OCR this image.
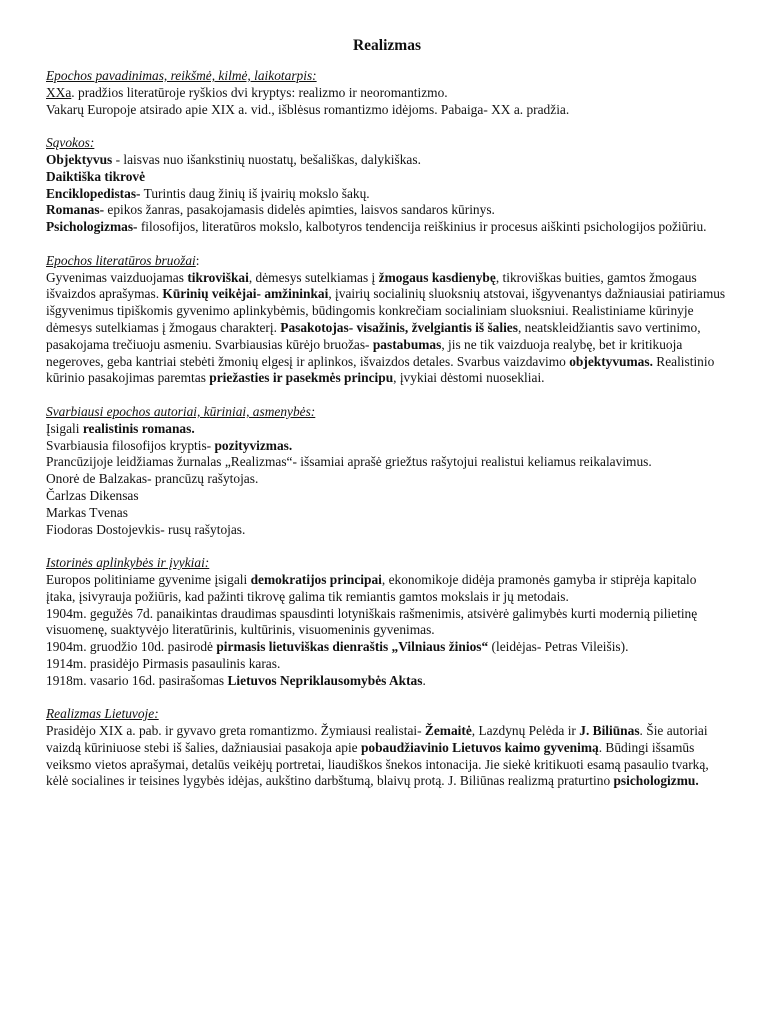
Realizmas

Epochos pavadinimas, reikšmė, kilmė, laikotarpis:

XXa. pradžios literatūroje ryškios dvi kryptys: realizmo ir neoromantizmo.

Vakarų Europoje atsirado apie XIX a. vid., išblėsus romantizmo idėjoms. Pabaiga- XX a. pradžia.

Sąvokos:

Objektyvus - laisvas nuo išankstinių nuostatų, bešališkas, dalykiškas.

Daiktiška tikrovė

Enciklopedistas- Turintis daug žinių iš įvairių mokslo šakų.

Romanas- epikos žanras, pasakojamasis didelės apimties, laisvos sandaros kūrinys.

Psichologizmas- filosofijos, literatūros mokslo, kalbotyros tendencija reiškinius ir procesus aiškinti psichologijos požiūriu.

Epochos literatūros bruožai:

Gyvenimas vaizduojamas tikroviškai, dėmesys sutelkiamas į žmogaus kasdienybę, tikroviškas buities, gamtos žmogaus išvaizdos aprašymas. Kūrinių veikėjai- amžininkai, įvairių socialinių sluoksnių atstovai, išgyvenantys dažniausiai patiriamus išgyvenimus tipiškomis gyvenimo aplinkybėmis, būdingomis konkrečiam socialiniam sluoksniui. Realistiniame kūrinyje dėmesys sutelkiamas į žmogaus charakterį. Pasakotojas- visažinis, žvelgiantis iš šalies, neatskleidžiantis savo vertinimo, pasakojama trečiuoju asmeniu. Svarbiausias kūrėjo bruožas- pastabumas, jis ne tik vaizduoja realybę, bet ir kritikuoja negeroves, geba kantriai stebėti žmonių elgesį ir aplinkos, išvaizdos detales. Svarbus vaizdavimo objektyvumas. Realistinio kūrinio pasakojimas paremtas priežasties ir pasekmės principu, įvykiai dėstomi nuosekliai.

Svarbiausi epochos autoriai, kūriniai, asmenybės:

Įsigali realistinis romanas.

Svarbiausia filosofijos kryptis- pozityvizmas.

Prancūzijoje leidžiamas žurnalas „Realizmas“- išsamiai aprašė griežtus rašytojui realistui keliamus reikalavimus.

Onorė de Balzakas- prancūzų rašytojas.

Čarlzas Dikensas

Markas Tvenas

Fiodoras Dostojevkis- rusų rašytojas.

Istorinės aplinkybės ir įvykiai:

Europos politiniame gyvenime įsigali demokratijos principai, ekonomikoje didėja pramonės gamyba ir stiprėja kapitalo įtaka, įsivyrauja požiūris, kad pažinti tikrovę galima tik remiantis gamtos mokslais ir jų metodais.

1904m. gegužės 7d. panaikintas draudimas spausdinti lotyniškais rašmenimis, atsivėrė galimybės kurti modernią pilietinę visuomenę, suaktyvėjo literatūrinis, kultūrinis, visuomeninis gyvenimas.

1904m. gruodžio 10d. pasirodė pirmasis lietuviškas dienraštis „Vilniaus žinios“ (leidėjas- Petras Vileišis).

1914m. prasidėjo Pirmasis pasaulinis karas.

1918m. vasario 16d. pasirašomas Lietuvos Nepriklausomybės Aktas.

Realizmas Lietuvoje:

Prasidėjo XIX a. pab. ir gyvavo greta romantizmo. Žymiausi realistai- Žemaitė, Lazdynų Pelėda ir J. Biliūnas. Šie autoriai vaizdą kūriniuose stebi iš šalies, dažniausiai pasakoja apie pobaudžiavinio Lietuvos kaimo gyvenimą. Būdingi išsamūs veiksmo vietos aprašymai, detalūs veikėjų portretai, liaudiškos šnekos intonacija. Jie siekė kritikuoti esamą pasaulio tvarką, kėlė socialines ir teisines lygybės idėjas, aukštino darbštumą, blaivų protą. J. Biliūnas realizmą praturtino psichologizmu.
